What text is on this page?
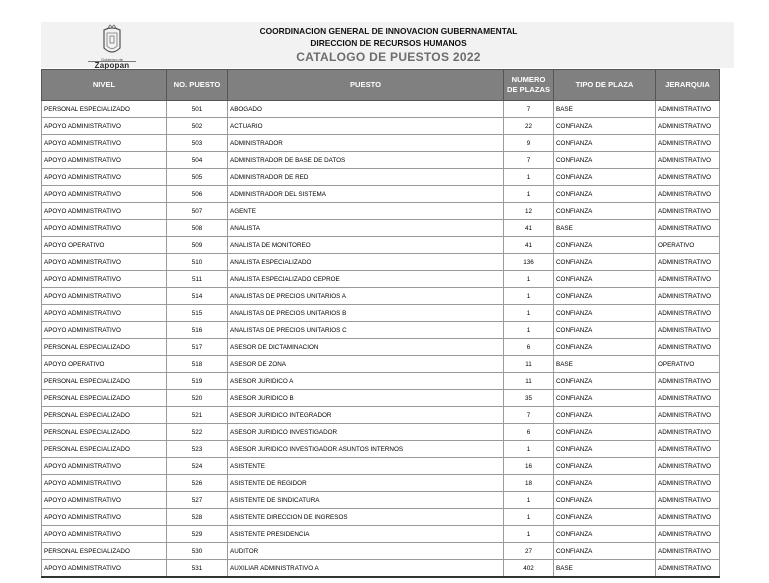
Gobierno de
Zapopan
COORDINACION GENERAL DE INNOVACION GUBERNAMENTAL
DIRECCION DE RECURSOS HUMANOS
CATALOGO DE PUESTOS 2022
NIVEL	NO. PUESTO	PUESTO	NUMERO DE PLAZAS	TIPO DE PLAZA	JERARQUIA
PERSONAL ESPECIALIZADO	501	ABOGADO	7	BASE	ADMINISTRATIVO
APOYO ADMINISTRATIVO	502	ACTUARIO	22	CONFIANZA	ADMINISTRATIVO
APOYO ADMINISTRATIVO	503	ADMINISTRADOR	9	CONFIANZA	ADMINISTRATIVO
APOYO ADMINISTRATIVO	504	ADMINISTRADOR DE BASE DE DATOS	7	CONFIANZA	ADMINISTRATIVO
APOYO ADMINISTRATIVO	505	ADMINISTRADOR DE RED	1	CONFIANZA	ADMINISTRATIVO
APOYO ADMINISTRATIVO	506	ADMINISTRADOR DEL SISTEMA	1	CONFIANZA	ADMINISTRATIVO
APOYO ADMINISTRATIVO	507	AGENTE	12	CONFIANZA	ADMINISTRATIVO
APOYO ADMINISTRATIVO	508	ANALISTA	41	BASE	ADMINISTRATIVO
APOYO OPERATIVO	509	ANALISTA DE MONITOREO	41	CONFIANZA	OPERATIVO
APOYO ADMINISTRATIVO	510	ANALISTA ESPECIALIZADO	136	CONFIANZA	ADMINISTRATIVO
APOYO ADMINISTRATIVO	511	ANALISTA ESPECIALIZADO CEPROE	1	CONFIANZA	ADMINISTRATIVO
APOYO ADMINISTRATIVO	514	ANALISTAS DE PRECIOS UNITARIOS A	1	CONFIANZA	ADMINISTRATIVO
APOYO ADMINISTRATIVO	515	ANALISTAS DE PRECIOS UNITARIOS B	1	CONFIANZA	ADMINISTRATIVO
APOYO ADMINISTRATIVO	516	ANALISTAS DE PRECIOS UNITARIOS C	1	CONFIANZA	ADMINISTRATIVO
PERSONAL ESPECIALIZADO	517	ASESOR DE DICTAMINACION	6	CONFIANZA	ADMINISTRATIVO
APOYO OPERATIVO	518	ASESOR DE ZONA	11	BASE	OPERATIVO
PERSONAL ESPECIALIZADO	519	ASESOR JURIDICO A	11	CONFIANZA	ADMINISTRATIVO
PERSONAL ESPECIALIZADO	520	ASESOR JURIDICO B	35	CONFIANZA	ADMINISTRATIVO
PERSONAL ESPECIALIZADO	521	ASESOR JURIDICO INTEGRADOR	7	CONFIANZA	ADMINISTRATIVO
PERSONAL ESPECIALIZADO	522	ASESOR JURIDICO INVESTIGADOR	6	CONFIANZA	ADMINISTRATIVO
PERSONAL ESPECIALIZADO	523	ASESOR JURIDICO INVESTIGADOR ASUNTOS INTERNOS	1	CONFIANZA	ADMINISTRATIVO
APOYO ADMINISTRATIVO	524	ASISTENTE	16	CONFIANZA	ADMINISTRATIVO
APOYO ADMINISTRATIVO	526	ASISTENTE DE REGIDOR	18	CONFIANZA	ADMINISTRATIVO
APOYO ADMINISTRATIVO	527	ASISTENTE DE SINDICATURA	1	CONFIANZA	ADMINISTRATIVO
APOYO ADMINISTRATIVO	528	ASISTENTE DIRECCION DE INGRESOS	1	CONFIANZA	ADMINISTRATIVO
APOYO ADMINISTRATIVO	529	ASISTENTE PRESIDENCIA	1	CONFIANZA	ADMINISTRATIVO
PERSONAL ESPECIALIZADO	530	AUDITOR	27	CONFIANZA	ADMINISTRATIVO
APOYO ADMINISTRATIVO	531	AUXILIAR ADMINISTRATIVO A	402	BASE	ADMINISTRATIVO
